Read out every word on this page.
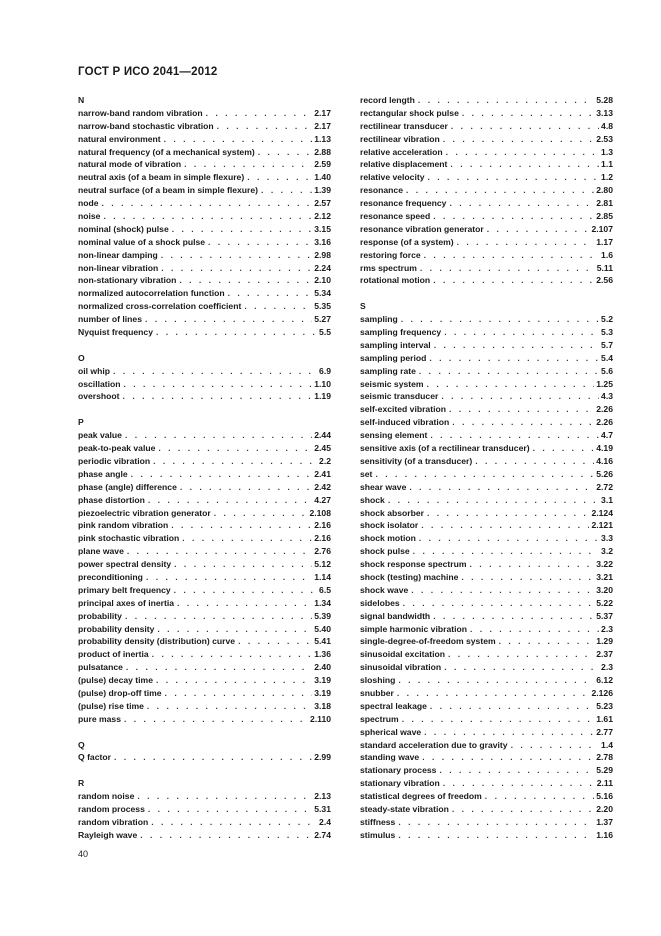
ГОСТ Р ИСО 2041—2012
N
narrow-band random vibration . . .	2.17
narrow-band stochastic vibration . . .	2.17
natural environment . . .	1.13
natural frequency (of a mechanical system) . . .	2.88
natural mode of vibration . . .	2.59
neutral axis (of a beam in simple flexure) . . .	1.40
neutral surface (of a beam in simple flexure) . . .	1.39
node . . .	2.57
noise . . .	2.12
nominal (shock) pulse . . .	3.15
nominal value of a shock pulse . . .	3.16
non-linear damping . . .	2.98
non-linear vibration . . .	2.24
non-stationary vibration . . .	2.10
normalized autocorrelation function . . .	5.34
normalized cross-correlation coefficient . . .	5.35
number of lines . . .	5.27
Nyquist frequency . . .	5.5
O
oil whip . . .	6.9
oscillation . . .	1.10
overshoot . . .	1.19
P
peak value . . .	2.44
peak-to-peak value . . .	2.45
periodic vibration . . .	2.2
phase angle . . .	2.41
phase (angle) difference . . .	2.42
phase distortion . . .	4.27
piezoelectric vibration generator . . .	2.108
pink random vibration . . .	2.16
pink stochastic vibration . . .	2.16
plane wave . . .	2.76
power spectral density . . .	5.12
preconditioning . . .	1.14
primary belt frequency . . .	6.5
principal axes of inertia . . .	1.34
probability . . .	5.39
probability density . . .	5.40
probability density (distribution) curve . . .	5.41
product of inertia . . .	1.36
pulsatance . . .	2.40
(pulse) decay time . . .	3.19
(pulse) drop-off time . . .	3.19
(pulse) rise time . . .	3.18
pure mass . . .	2.110
Q
Q factor . . .	2.99
R
random noise . . .	2.13
random process . . .	5.31
random vibration . . .	2.4
Rayleigh wave . . .	2.74
record length . . .	5.28
rectangular shock pulse . . .	3.13
rectilinear transducer . . .	4.8
rectilinear vibration . . .	2.53
relative acceleration . . .	1.3
relative displacement . . .	1.1
relative velocity . . .	1.2
resonance . . .	2.80
resonance frequency . . .	2.81
resonance speed . . .	2.85
resonance vibration generator . . .	2.107
response (of a system) . . .	1.17
restoring force . . .	1.6
rms spectrum . . .	5.11
rotational motion . . .	2.56
S
sampling . . .	5.2
sampling frequency . . .	5.3
sampling interval . . .	5.7
sampling period . . .	5.4
sampling rate . . .	5.6
seismic system . . .	1.25
seismic transducer . . .	4.3
self-excited vibration . . .	2.26
self-induced vibration . . .	2.26
sensing element . . .	4.7
sensitive axis (of a rectilinear transducer) . . .	4.19
sensitivity (of a transducer) . . .	4.16
set . . .	5.26
shear wave . . .	2.72
shock . . .	3.1
shock absorber . . .	2.124
shock isolator . . .	2.121
shock motion . . .	3.3
shock pulse . . .	3.2
shock response spectrum . . .	3.22
shock (testing) machine . . .	3.21
shock wave . . .	3.20
sidelobes . . .	5.22
signal bandwidth . . .	5.37
simple harmonic vibration . . .	2.3
single-degree-of-freedom system . . .	1.29
sinusoidal excitation . . .	2.37
sinusoidal vibration . . .	2.3
sloshing . . .	6.12
snubber . . .	2.126
spectral leakage . . .	5.23
spectrum . . .	1.61
spherical wave . . .	2.77
standard acceleration due to gravity . . .	1.4
standing wave . . .	2.78
stationary process . . .	5.29
stationary vibration . . .	2.11
statistical degrees of freedom . . .	5.16
steady-state vibration . . .	2.20
stiffness . . .	1.37
stimulus . . .	1.16
40
